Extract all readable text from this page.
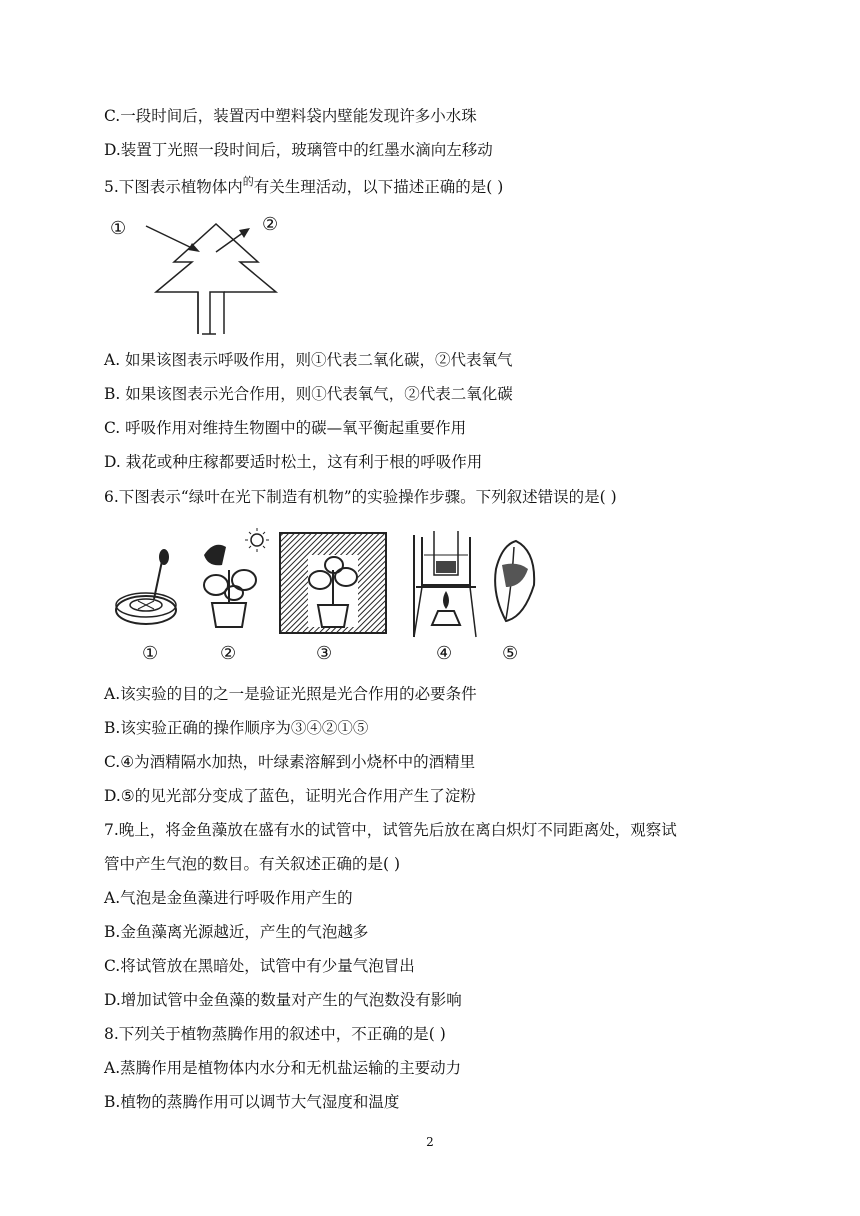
C.一段时间后，装置丙中塑料袋内壁能发现许多小水珠
D.装置丁光照一段时间后，玻璃管中的红墨水滴向左移动
5.下图表示植物体内$^的$有关生理活动，以下描述正确的是( )
①	②
A. 如果该图表示呼吸作用，则①代表二氧化碳，②代表氧气
B. 如果该图表示光合作用，则①代表氧气，②代表二氧化碳
C. 呼吸作用对维持生物圈中的碳—氧平衡起重要作用
D. 栽花或种庄稼都要适时松土，这有利于根的呼吸作用
6.下图表示“绿叶在光下制造有机物”的实验操作步骤。下列叙述错误的是( )
①	②	③	④	⑤
A.该实验的目的之一是验证光照是光合作用的必要条件
B.该实验正确的操作顺序为③④②①⑤
C.④为酒精隔水加热，叶绿素溶解到小烧杯中的酒精里
D.⑤的见光部分变成了蓝色，证明光合作用产生了淀粉
7.晚上，将金鱼藻放在盛有水的试管中，试管先后放在离白炽灯不同距离处，观察试
管中产生气泡的数目。有关叙述正确的是( )
A.气泡是金鱼藻进行呼吸作用产生的
B.金鱼藻离光源越近，产生的气泡越多
C.将试管放在黑暗处，试管中有少量气泡冒出
D.增加试管中金鱼藻的数量对产生的气泡数没有影响
8.下列关于植物蒸腾作用的叙述中，不正确的是( )
A.蒸腾作用是植物体内水分和无机盐运输的主要动力
B.植物的蒸腾作用可以调节大气湿度和温度
2
